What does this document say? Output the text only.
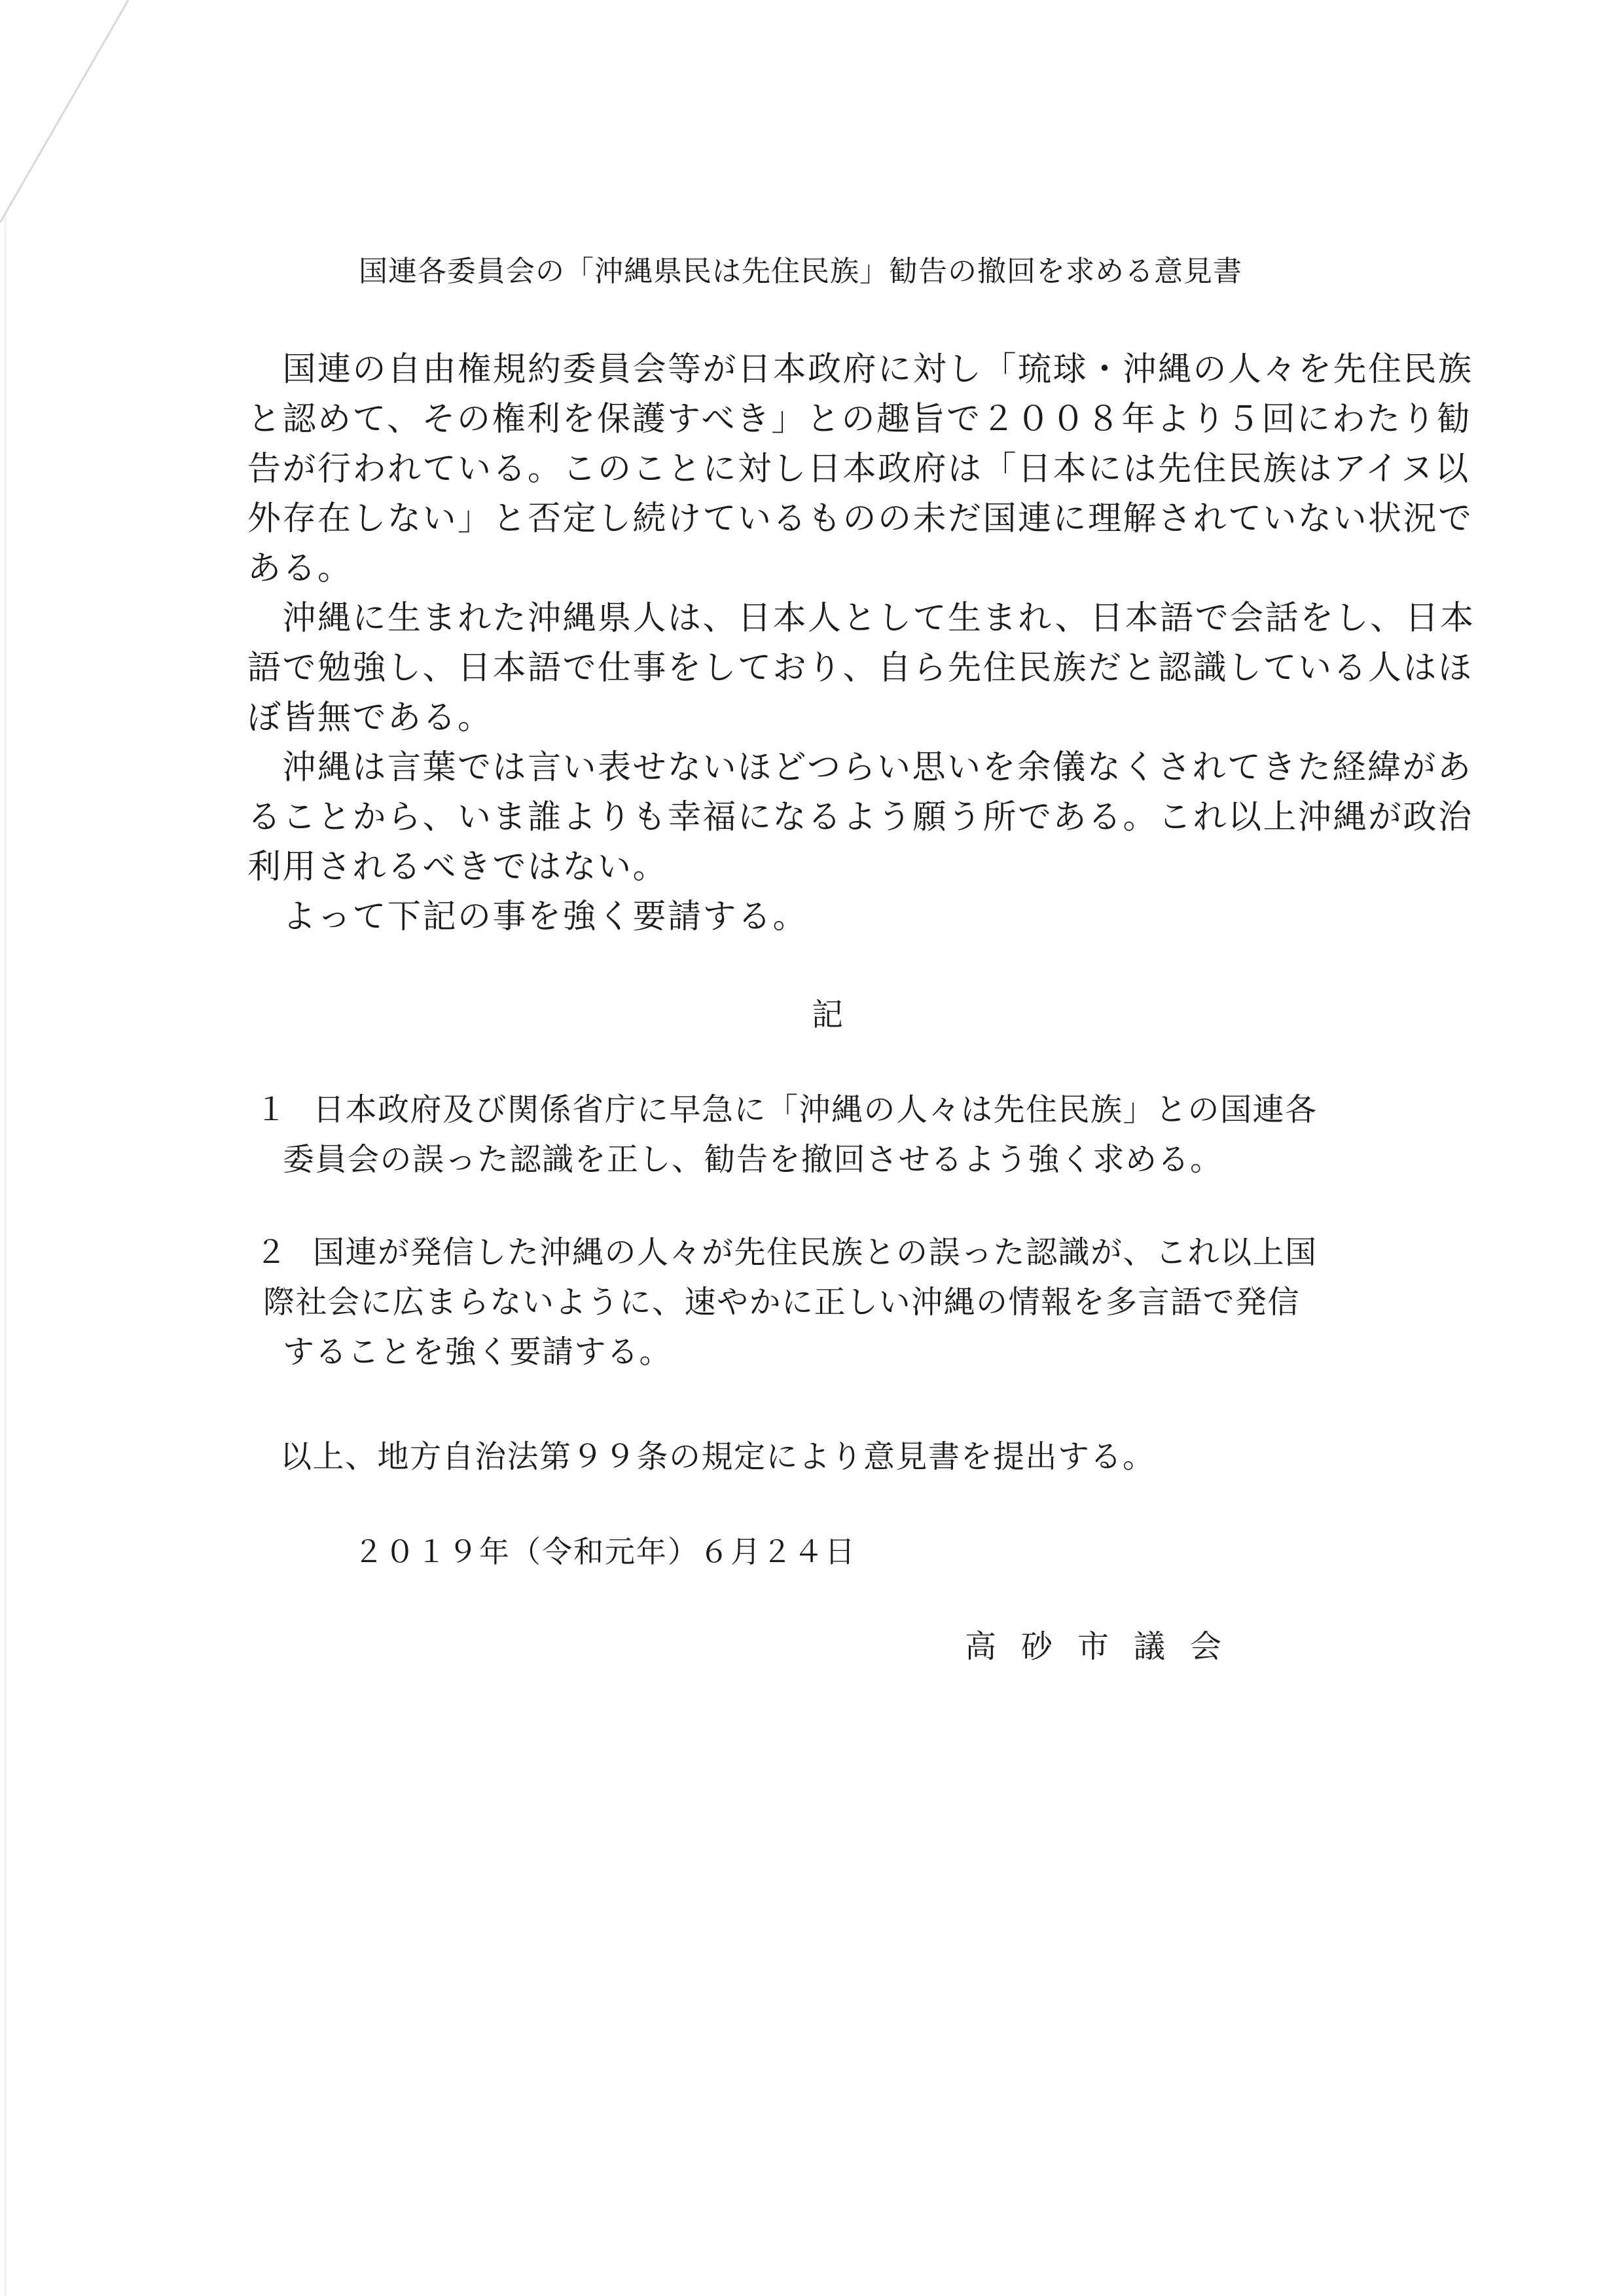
国連各委員会の「沖縄県民は先住民族」勧告の撤回を求める意見書
　国連の自由権規約委員会等が日本政府に対し「琉球・沖縄の人々を先住民族
と認めて、その権利を保護すべき」との趣旨で２００８年より５回にわたり勧
告が行われている。このことに対し日本政府は「日本には先住民族はアイヌ以
外存在しない」と否定し続けているものの未だ国連に理解されていない状況で
ある。
　沖縄に生まれた沖縄県人は、日本人として生まれ、日本語で会話をし、日本
語で勉強し、日本語で仕事をしており、自ら先住民族だと認識している人はほ
ぼ皆無である。
　沖縄は言葉では言い表せないほどつらい思いを余儀なくされてきた経緯があ
ることから、いま誰よりも幸福になるよう願う所である。これ以上沖縄が政治
利用されるべきではない。
　よって下記の事を強く要請する。
記
１ 日本政府及び関係省庁に早急に「沖縄の人々は先住民族」との国連各
委員会の誤った認識を正し、勧告を撤回させるよう強く求める。
２ 国連が発信した沖縄の人々が先住民族との誤った認識が、これ以上国
際社会に広まらないように、速やかに正しい沖縄の情報を多言語で発信
することを強く要請する。
以上、地方自治法第９９条の規定により意見書を提出する。
２０１９年（令和元年）６月２４日
高砂市議会
